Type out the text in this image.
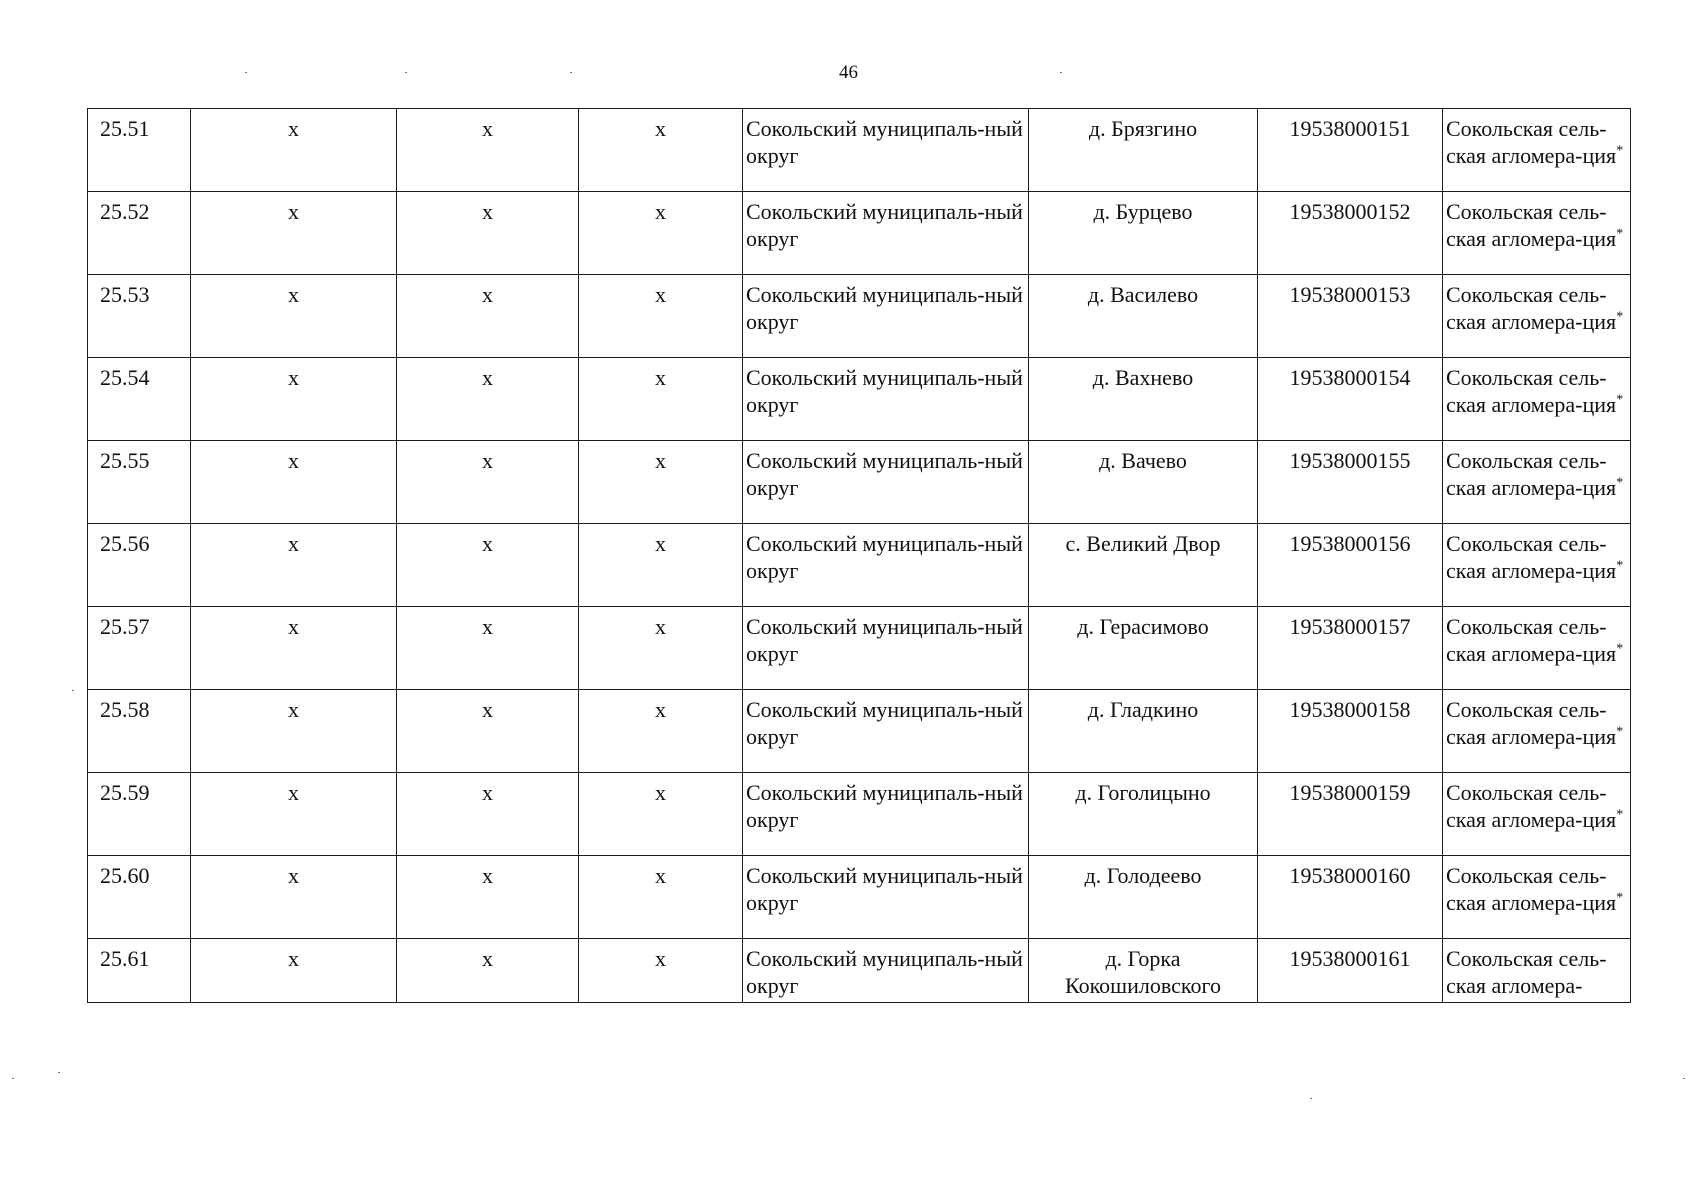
46
25.51	x	x	x	Сокольский муниципаль-ный округ	д. Брязгино	19538000151	Сокольская сель-ская агломера-ция*
25.52	x	x	x	Сокольский муниципаль-ный округ	д. Бурцево	19538000152	Сокольская сель-ская агломера-ция*
25.53	x	x	x	Сокольский муниципаль-ный округ	д. Василево	19538000153	Сокольская сель-ская агломера-ция*
25.54	x	x	x	Сокольский муниципаль-ный округ	д. Вахнево	19538000154	Сокольская сель-ская агломера-ция*
25.55	x	x	x	Сокольский муниципаль-ный округ	д. Вачево	19538000155	Сокольская сель-ская агломера-ция*
25.56	x	x	x	Сокольский муниципаль-ный округ	с. Великий Двор	19538000156	Сокольская сель-ская агломера-ция*
25.57	x	x	x	Сокольский муниципаль-ный округ	д. Герасимово	19538000157	Сокольская сель-ская агломера-ция*
25.58	x	x	x	Сокольский муниципаль-ный округ	д. Гладкино	19538000158	Сокольская сель-ская агломера-ция*
25.59	x	x	x	Сокольский муниципаль-ный округ	д. Гоголицыно	19538000159	Сокольская сель-ская агломера-ция*
25.60	x	x	x	Сокольский муниципаль-ный округ	д. Голодеево	19538000160	Сокольская сель-ская агломера-ция*
25.61	x	x	x	Сокольский муниципаль-ный округ	д. Горка Кокошиловского	19538000161	Сокольская сель-ская агломера-
